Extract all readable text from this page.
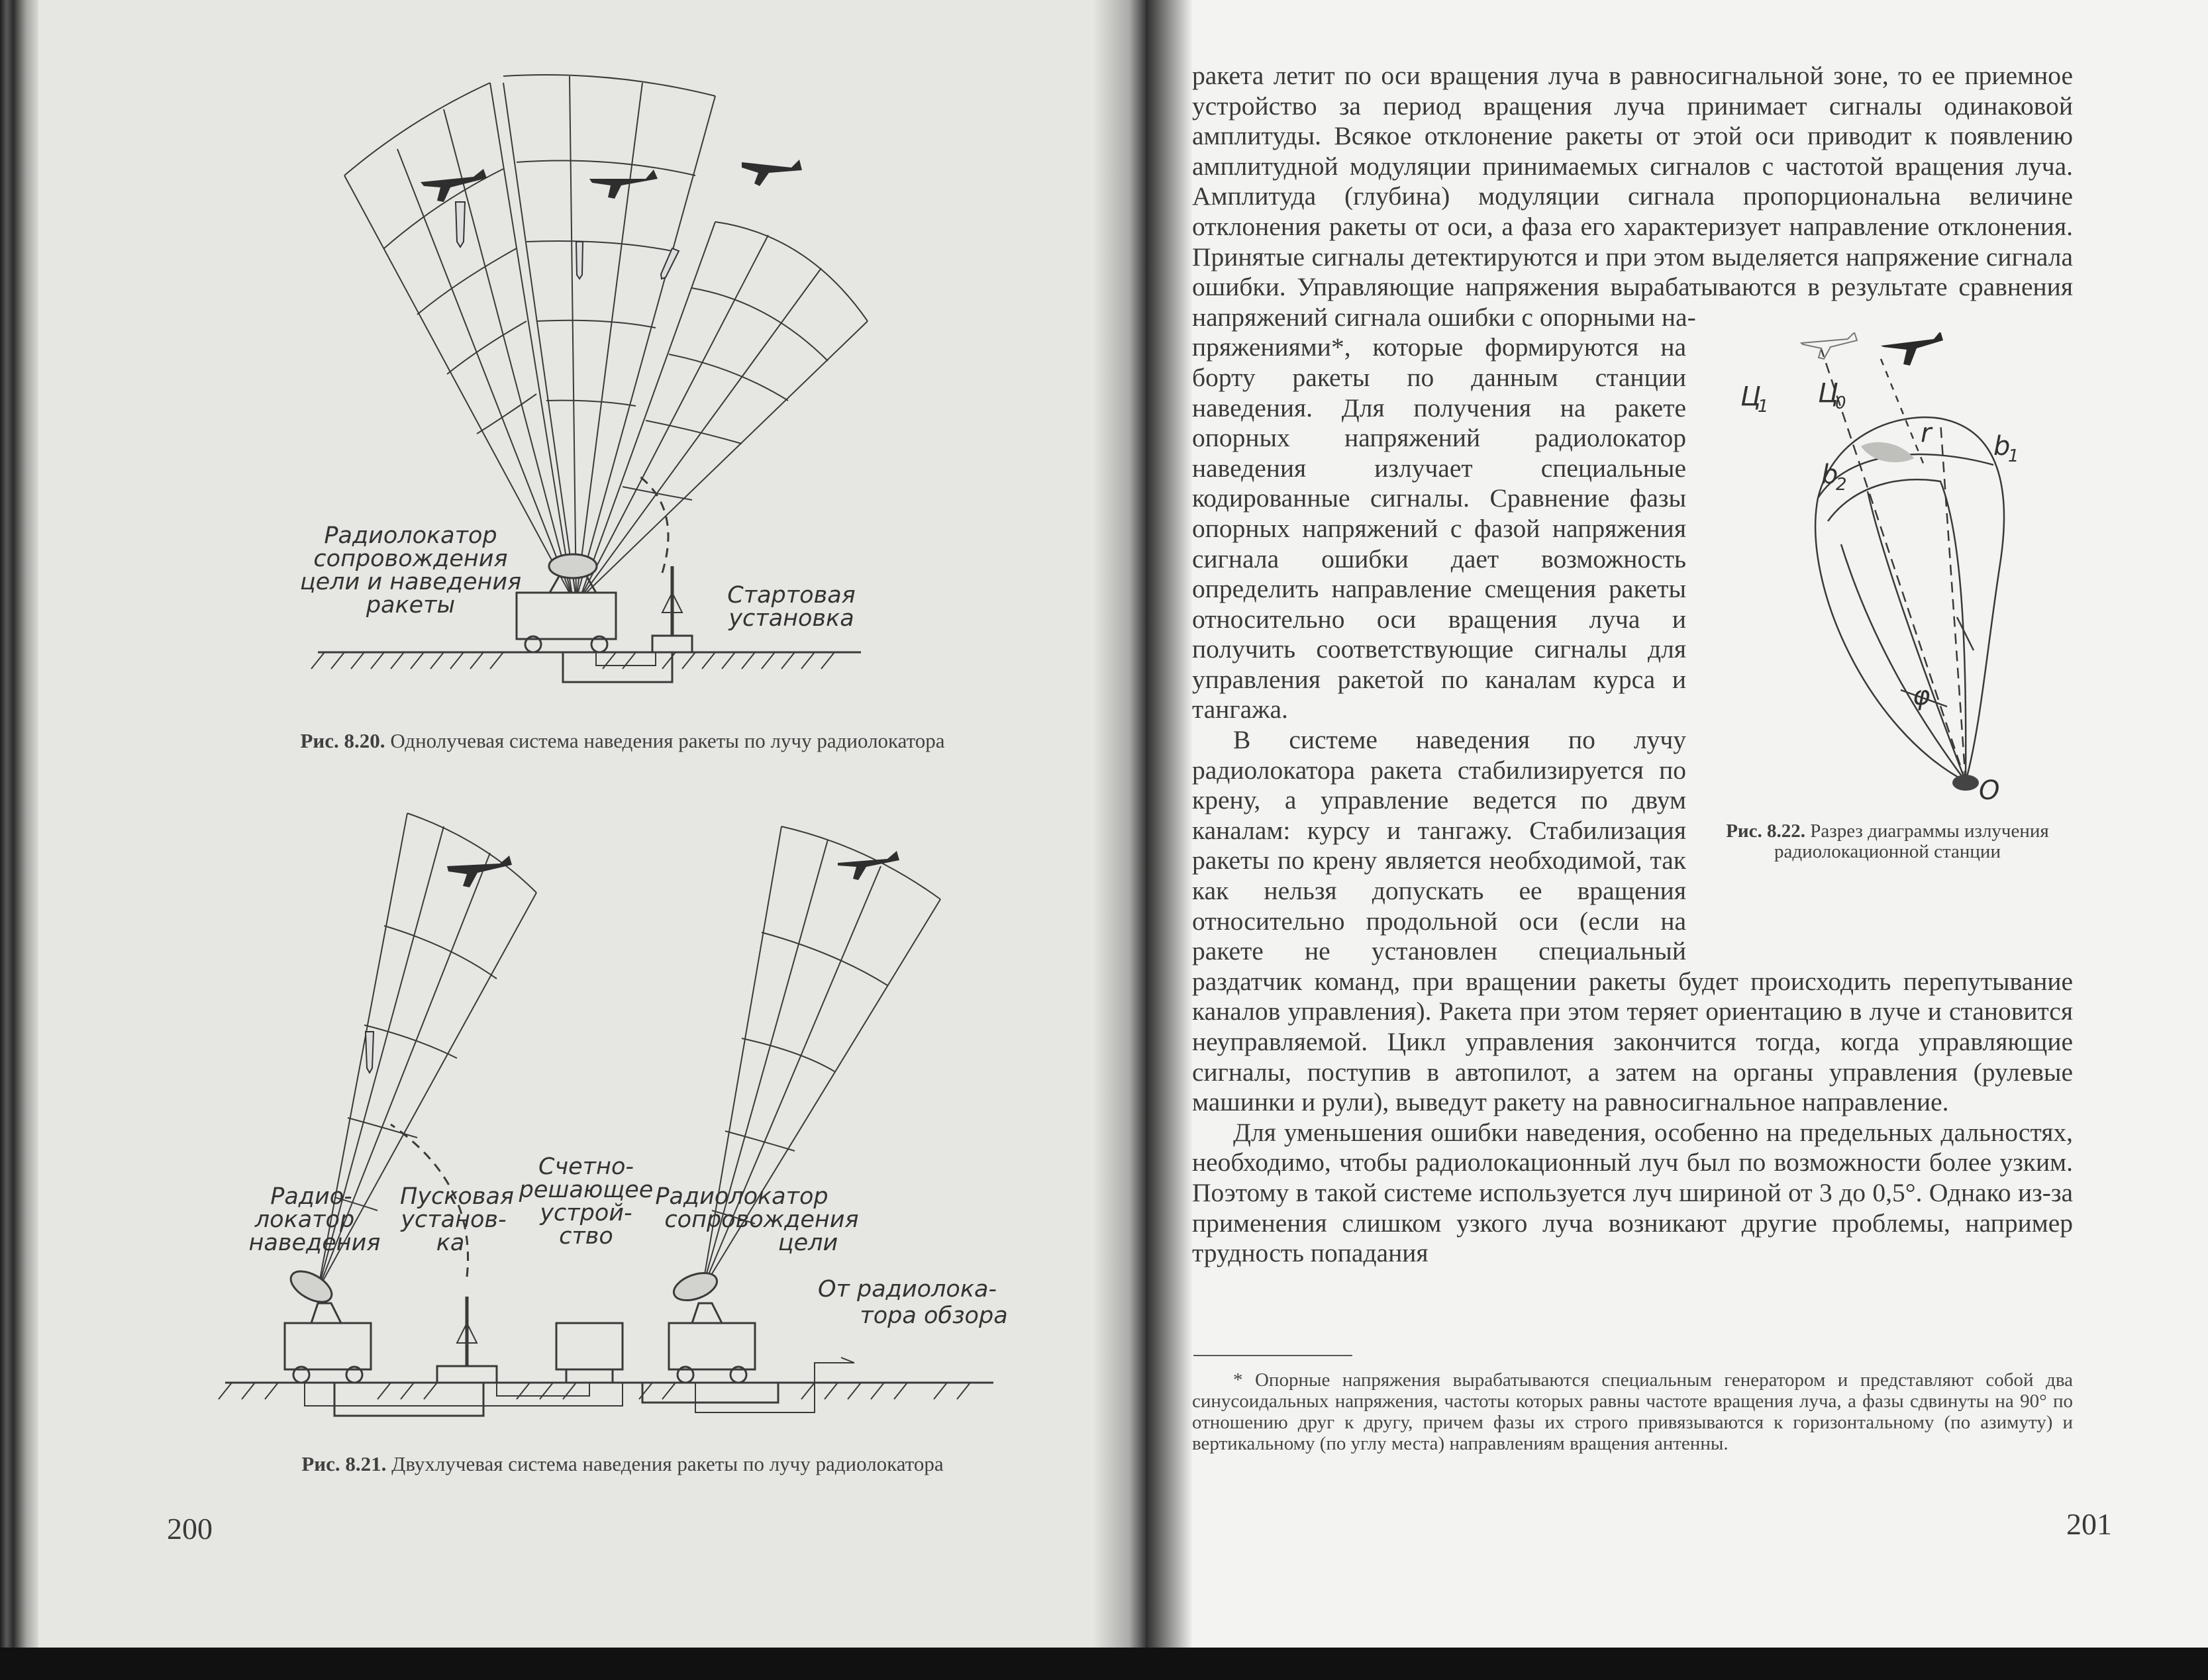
Радиолокатор
сопровождения
цели и наведения
ракеты	Стартовая
установка
Рис. 8.20. Однолучевая система наведения ракеты по лучу радиолокатора
Радио-
локатор
наведения
Пусковая
установ-
ка
Счетно-
решающее
устрой-
ство
Радиолокатор
сопровождения
цели
От радиолока-
тора обзора
Рис. 8.21. Двухлучевая система наведения ракеты по лучу радиолокатора
200	201

ракета летит по оси вращения луча в равносигнальной зоне, то ее приемное устройство за период вращения луча принимает сигналы одинаковой амплитуды. Всякое отклонение ракеты от этой оси приводит к появлению амплитудной модуляции принимаемых сигналов с частотой вращения луча. Амплитуда (глубина) модуляции сигнала пропорциональна величине отклонения ракеты от оси, а фаза его характеризует направление отклонения. Принятые сигналы детектируются и при этом выделяется напряжение сигнала ошибки. Управляющие напряжения вырабатываются в результате сравнения напряжений сигнала ошибки с опорными на-

Ц
1 Ц
0
r b
1
b
2
φ
O
Рис. 8.22. Разрез диаграммы излучения радиолокационной станции

пряжениями*, которые формируются на борту ракеты по данным станции наведения. Для получения на ракете опорных напряжений радиолокатор наведения излучает специальные кодированные сигналы. Сравнение фазы опорных напряжений с фазой напряжения сигнала ошибки дает возможность определить направление смещения ракеты относительно оси вращения луча и получить соответствующие сигналы для управления ракетой по каналам курса и тангажа.

В системе наведения по лучу радиолокатора ракета стабилизируется по крену, а управление ведется по двум каналам: курсу и тангажу. Стабилизация ракеты по крену является необходимой, так как нельзя допускать ее вращения относительно продольной оси (если на ракете не установлен специальный раздатчик команд, при вращении ракеты будет происходить перепутывание каналов управления). Ракета при этом теряет ориентацию в луче и становится неуправляемой. Цикл управления закончится тогда, когда управляющие сигналы, поступив в автопилот, а затем на органы управления (рулевые машинки и рули), выведут ракету на равносигнальное направление.

Для уменьшения ошибки наведения, особенно на предельных дальностях, необходимо, чтобы радиолокационный луч был по возможности более узким. Поэтому в такой системе используется луч шириной от 3 до 0,5°. Однако из-за применения слишком узкого луча возникают другие проблемы, например трудность попадания

* Опорные напряжения вырабатываются специальным генератором и представляют собой два синусоидальных напряжения, частоты которых равны частоте вращения луча, а фазы сдвинуты на 90° по отношению друг к другу, причем фазы их строго привязываются к горизонтальному (по азимуту) и вертикальному (по углу места) направлениям вращения антенны.
